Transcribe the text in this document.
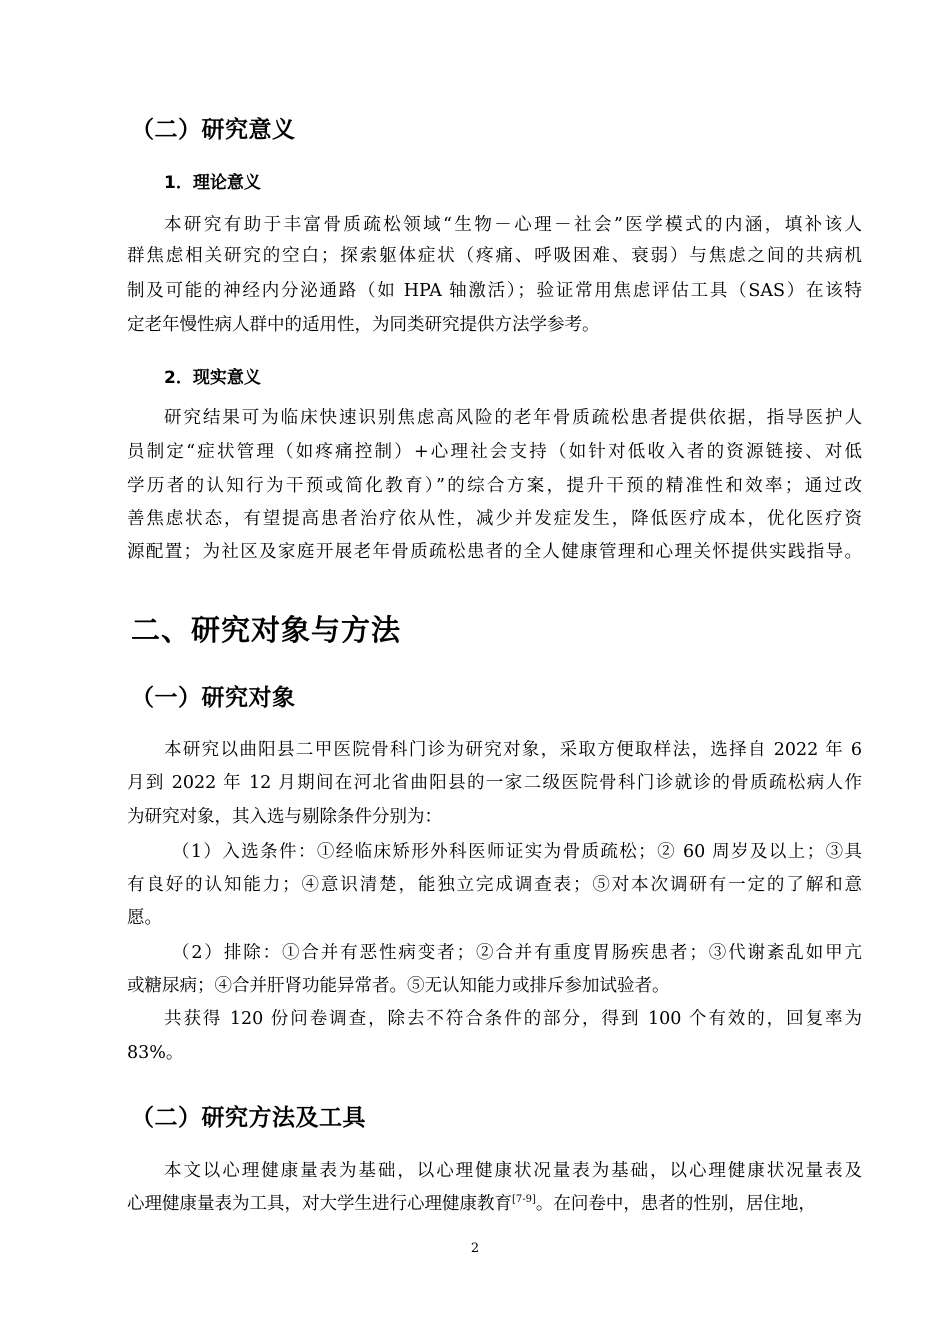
（二）研究意义
1．理论意义
本研究有助于丰富骨质疏松领域“生物－心理－社会”医学模式的内涵，填补该人
群焦虑相关研究的空白；探索躯体症状（疼痛、呼吸困难、衰弱）与焦虑之间的共病机
制及可能的神经内分泌通路（如 HPA 轴激活）；验证常用焦虑评估工具（SAS）在该特
定老年慢性病人群中的适用性，为同类研究提供方法学参考。
2．现实意义
研究结果可为临床快速识别焦虑高风险的老年骨质疏松患者提供依据，指导医护人
员制定“症状管理（如疼痛控制）+心理社会支持（如针对低收入者的资源链接、对低
学历者的认知行为干预或简化教育）”的综合方案，提升干预的精准性和效率；通过改
善焦虑状态，有望提高患者治疗依从性，减少并发症发生，降低医疗成本，优化医疗资
源配置；为社区及家庭开展老年骨质疏松患者的全人健康管理和心理关怀提供实践指导。
二、研究对象与方法
（一）研究对象
本研究以曲阳县二甲医院骨科门诊为研究对象，采取方便取样法，选择自 2022 年 6
月到 2022 年 12 月期间在河北省曲阳县的一家二级医院骨科门诊就诊的骨质疏松病人作
为研究对象，其入选与剔除条件分别为：
（1）入选条件：①经临床矫形外科医师证实为骨质疏松；② 60 周岁及以上；③具
有良好的认知能力；④意识清楚，能独立完成调查表；⑤对本次调研有一定的了解和意
愿。
（2）排除：①合并有恶性病变者；②合并有重度胃肠疾患者；③代谢紊乱如甲亢
或糖尿病；④合并肝肾功能异常者。⑤无认知能力或排斥参加试验者。
共获得 120 份问卷调查，除去不符合条件的部分，得到 100 个有效的，回复率为
83%。
（二）研究方法及工具
本文以心理健康量表为基础，以心理健康状况量表为基础，以心理健康状况量表及
心理健康量表为工具，对大学生进行心理健康教育[7-9]。在问卷中，患者的性别，居住地，
2
